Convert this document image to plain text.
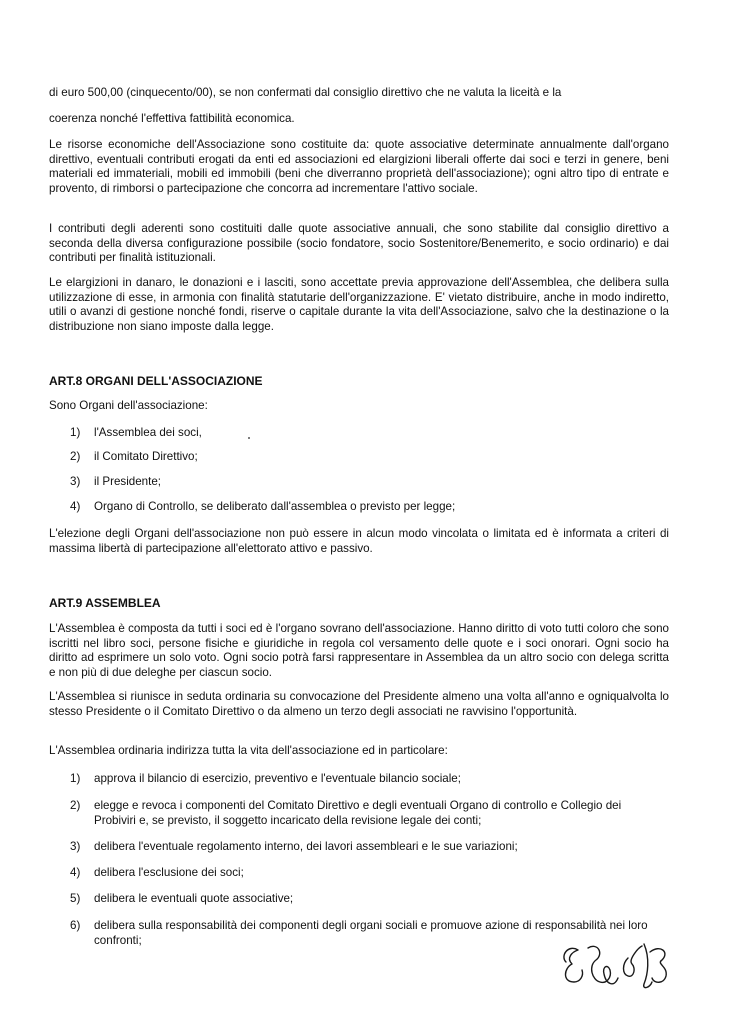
di euro 500,00 (cinquecento/00), se non confermati dal consiglio direttivo che ne valuta la liceità e la

coerenza nonché l'effettiva fattibilità economica.

Le risorse economiche dell'Associazione sono costituite da: quote associative determinate annualmente dall'organo direttivo, eventuali contributi erogati da enti ed associazioni ed elargizioni liberali offerte dai soci e terzi in genere, beni materiali ed immateriali, mobili ed immobili (beni che diverranno proprietà dell'associazione); ogni altro tipo di entrate e provento, di rimborsi o partecipazione che concorra ad incrementare l'attivo sociale.

I contributi degli aderenti sono costituiti dalle quote associative annuali, che sono stabilite dal consiglio direttivo a seconda della diversa configurazione possibile (socio fondatore, socio Sostenitore/Benemerito, e socio ordinario) e dai contributi per finalità istituzionali.

Le elargizioni in danaro, le donazioni e i lasciti, sono accettate previa approvazione dell'Assemblea, che delibera sulla utilizzazione di esse, in armonia con finalità statutarie dell'organizzazione. E' vietato distribuire, anche in modo indiretto, utili o avanzi di gestione nonché fondi, riserve o capitale durante la vita dell'Associazione, salvo che la destinazione o la distribuzione non siano imposte dalla legge.

ART.8 ORGANI DELL'ASSOCIAZIONE

Sono Organi dell'associazione:

1)	l'Assemblea dei soci,

2)	il Comitato Direttivo;

3)	il Presidente;

4)	Organo di Controllo, se deliberato dall'assemblea o previsto per legge;

L'elezione degli Organi dell'associazione non può essere in alcun modo vincolata o limitata ed è informata a criteri di massima libertà di partecipazione all'elettorato attivo e passivo.

ART.9 ASSEMBLEA

L'Assemblea è composta da tutti i soci ed è l'organo sovrano dell'associazione. Hanno diritto di voto tutti coloro che sono iscritti nel libro soci, persone fisiche e giuridiche in regola col versamento delle quote e i soci onorari. Ogni socio ha diritto ad esprimere un solo voto. Ogni socio potrà farsi rappresentare in Assemblea da un altro socio con delega scritta e non più di due deleghe per ciascun socio.

L'Assemblea si riunisce in seduta ordinaria su convocazione del Presidente almeno una volta all'anno e ogniqualvolta lo stesso Presidente o il Comitato Direttivo o da almeno un terzo degli associati ne ravvisino l'opportunità.

L'Assemblea ordinaria indirizza tutta la vita dell'associazione ed in particolare:

1)	approva il bilancio di esercizio, preventivo e l'eventuale bilancio sociale;

2)	elegge e revoca i componenti del Comitato Direttivo e degli eventuali Organo di controllo e Collegio dei Probiviri e, se previsto, il soggetto incaricato della revisione legale dei conti;

3)	delibera l'eventuale regolamento interno, dei lavori assembleari e le sue variazioni;

4)	delibera l'esclusione dei soci;

5)	delibera le eventuali quote associative;

6)	delibera sulla responsabilità dei componenti degli organi sociali e promuove azione di responsabilità nei loro confronti;
